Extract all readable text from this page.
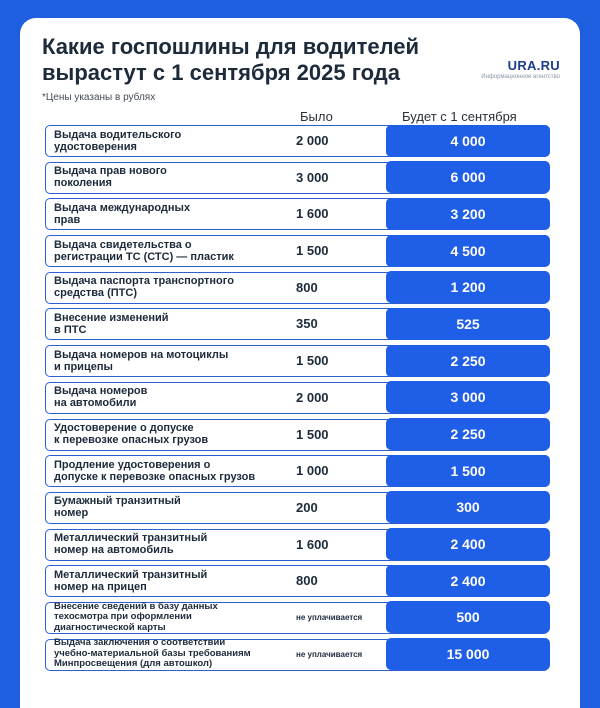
Какие госпошлины для водителей
вырастут с 1 сентября 2025 года	URA.RU
Информационное агентство
*Цены указаны в рублях
Было	Будет с 1 сентября
Выдача водительского
удостоверения	2 000	4 000
Выдача прав нового
поколения	3 000	6 000
Выдача международных
прав	1 600	3 200
Выдача свидетельства о
регистрации ТС (СТС) — пластик	1 500	4 500
Выдача паспорта транспортного
средства (ПТС)	800	1 200
Внесение изменений
в ПТС	350	525
Выдача номеров на мотоциклы
и прицепы	1 500	2 250
Выдача номеров
на автомобили	2 000	3 000
Удостоверение о допуске
к перевозке опасных грузов	1 500	2 250
Продление удостоверения о
допуске к перевозке опасных грузов	1 000	1 500
Бумажный транзитный
номер	200	300
Металлический транзитный
номер на автомобиль	1 600	2 400
Металлический транзитный
номер на прицеп	800	2 400
Внесение сведений в базу данных
техосмотра при оформлении
диагностической карты
не уплачивается	500
Выдача заключения о соответствии
учебно-материальной базы требованиям
Минпросвещения (для автошкол)
не уплачивается	15 000
